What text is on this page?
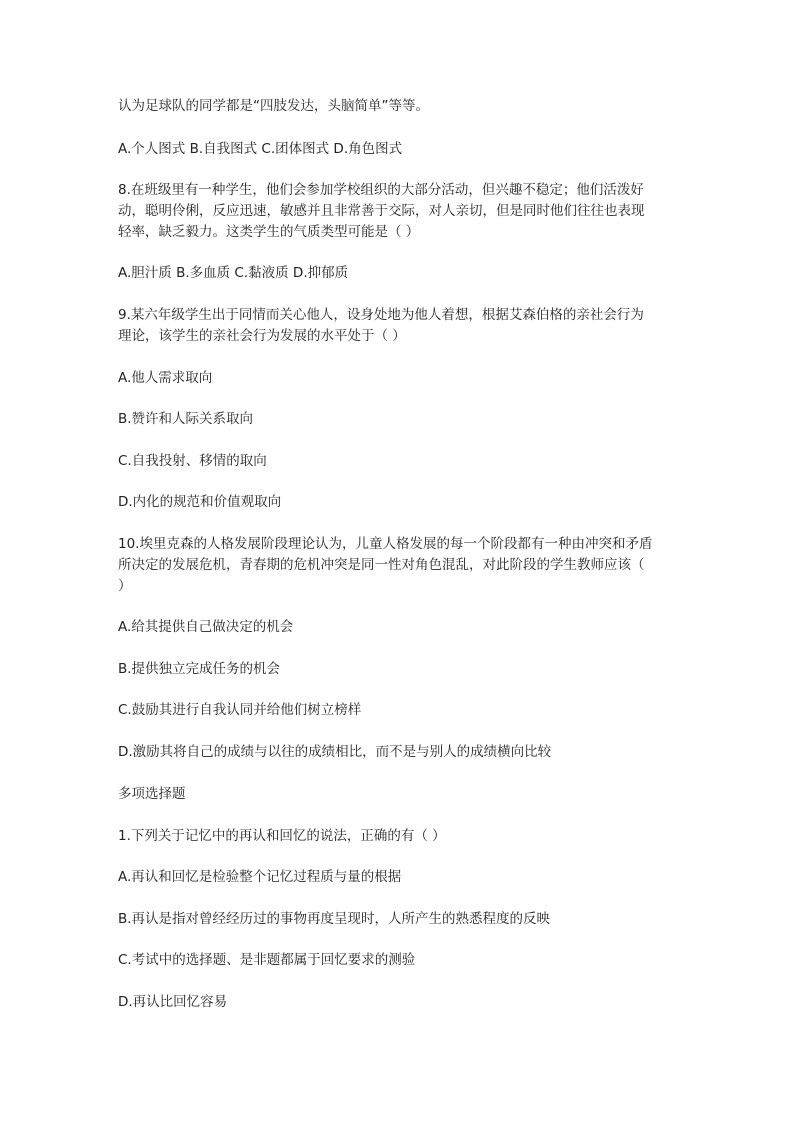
认为足球队的同学都是“四肢发达，头脑简单”等等。
A.个人图式 B.自我图式 C.团体图式 D.角色图式
8.在班级里有一种学生，他们会参加学校组织的大部分活动，但兴趣不稳定；他们活泼好
动，聪明伶俐，反应迅速，敏感并且非常善于交际，对人亲切，但是同时他们往往也表现
轻率，缺乏毅力。这类学生的气质类型可能是（ ）
A.胆汁质 B.多血质 C.黏液质 D.抑郁质
9.某六年级学生出于同情而关心他人，设身处地为他人着想，根据艾森伯格的亲社会行为
理论，该学生的亲社会行为发展的水平处于（ ）
A.他人需求取向
B.赞许和人际关系取向
C.自我投射、移情的取向
D.内化的规范和价值观取向
10.埃里克森的人格发展阶段理论认为，儿童人格发展的每一个阶段都有一种由冲突和矛盾
所决定的发展危机，青春期的危机冲突是同一性对角色混乱，对此阶段的学生教师应该（
）
A.给其提供自己做决定的机会
B.提供独立完成任务的机会
C.鼓励其进行自我认同并给他们树立榜样
D.激励其将自己的成绩与以往的成绩相比，而不是与别人的成绩横向比较
多项选择题
1.下列关于记忆中的再认和回忆的说法，正确的有（ ）
A.再认和回忆是检验整个记忆过程质与量的根据
B.再认是指对曾经经历过的事物再度呈现时，人所产生的熟悉程度的反映
C.考试中的选择题、是非题都属于回忆要求的测验
D.再认比回忆容易
